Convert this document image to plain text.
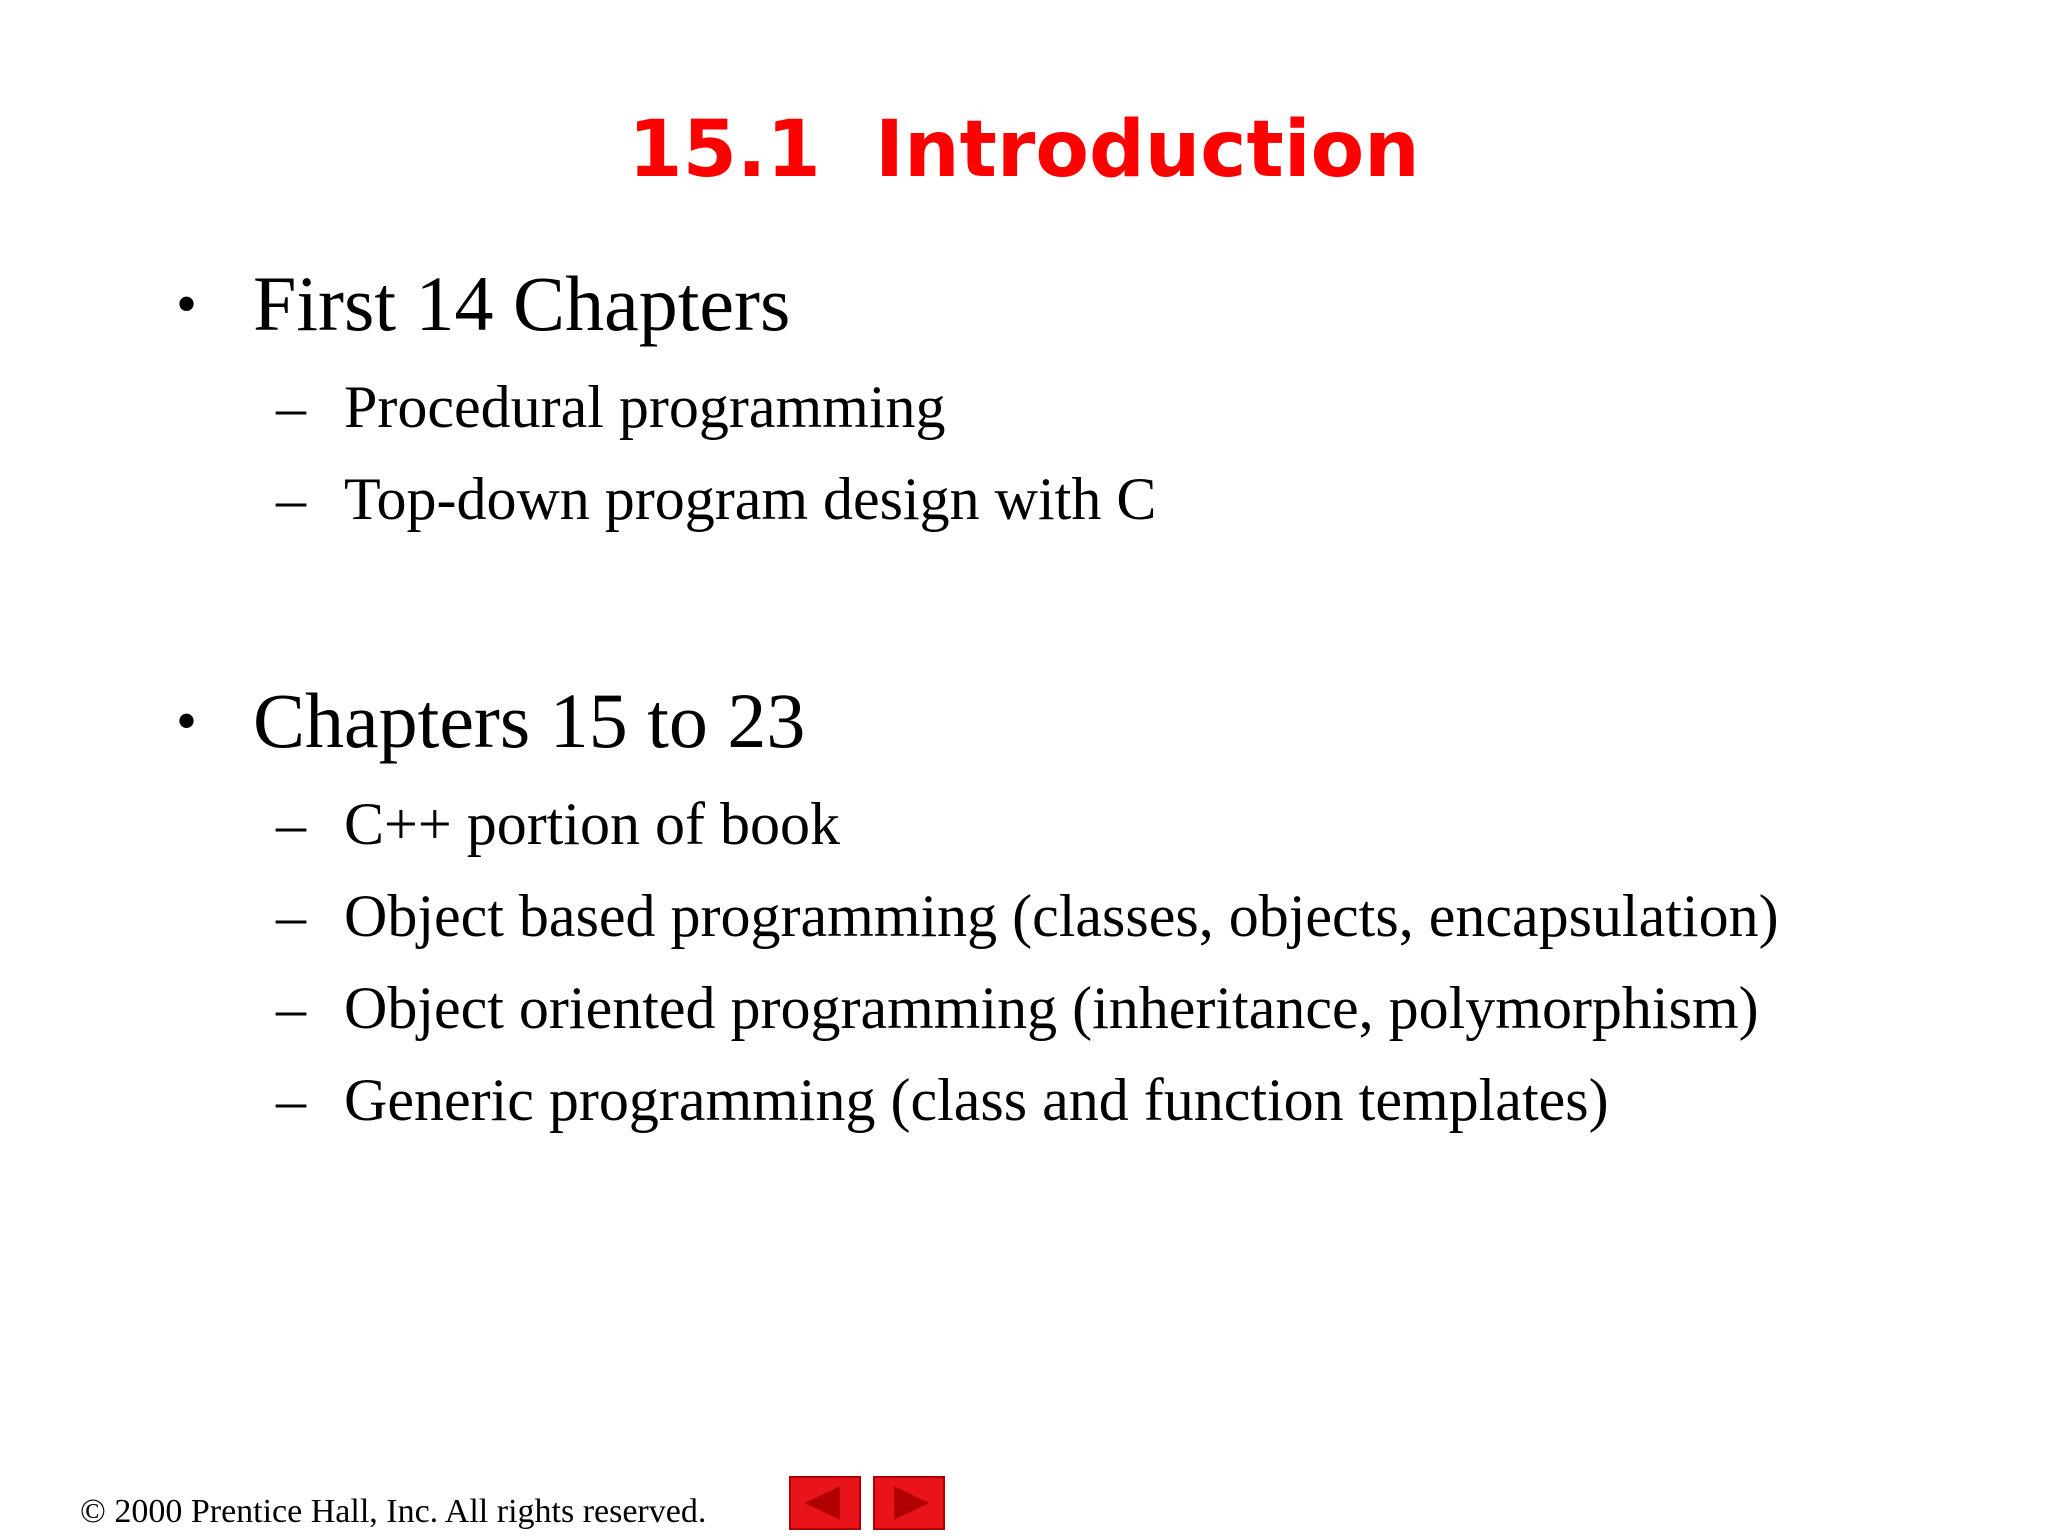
15.1  Introduction
• First 14 Chapters
– Procedural programming
– Top-down program design with C
• Chapters 15 to 23
– C++ portion of book
– Object based programming (classes, objects, encapsulation)
– Object oriented programming (inheritance, polymorphism)
– Generic programming (class and function templates)
© 2000 Prentice Hall, Inc. All rights reserved.
